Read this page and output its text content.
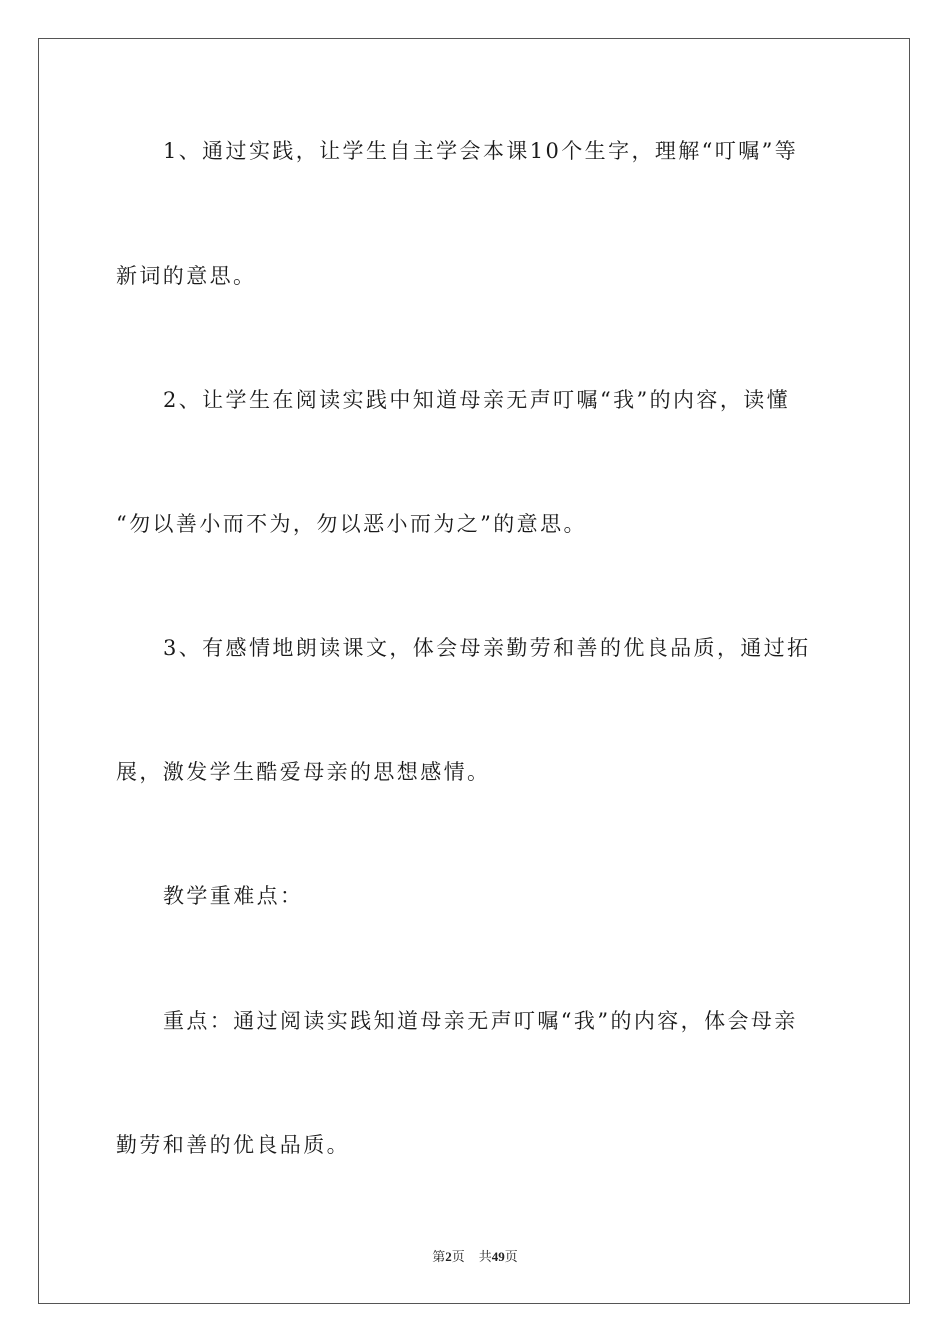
1、通过实践，让学生自主学会本课10个生字，理解“叮嘱”等
新词的意思。
2、让学生在阅读实践中知道母亲无声叮嘱“我”的内容，读懂
“勿以善小而不为，勿以恶小而为之”的意思。
3、有感情地朗读课文，体会母亲勤劳和善的优良品质，通过拓
展，激发学生酷爱母亲的思想感情。
教学重难点：
重点：通过阅读实践知道母亲无声叮嘱“我”的内容，体会母亲
勤劳和善的优良品质。
第2页 共49页
